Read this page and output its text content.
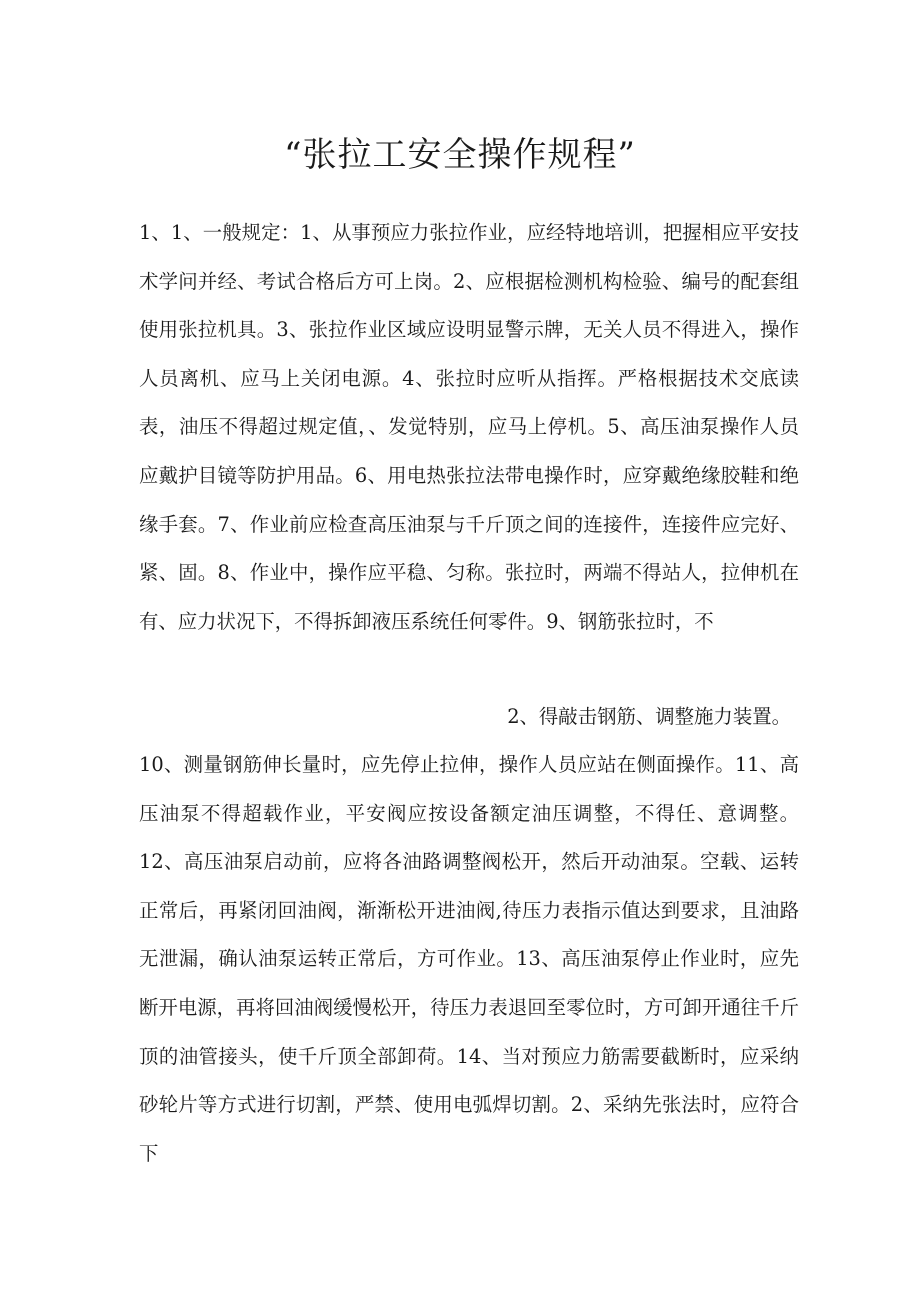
“张拉工安全操作规程”

1、1、一般规定：1、从事预应力张拉作业，应经特地培训，把握相应平安技术学问并经、考试合格后方可上岗。2、应根据检测机构检验、编号的配套组使用张拉机具。3、张拉作业区域应设明显警示牌，无关人员不得进入，操作人员离机、应马上关闭电源。4、张拉时应听从指挥。严格根据技术交底读表，油压不得超过规定值，、发觉特别，应马上停机。5、高压油泵操作人员应戴护目镜等防护用品。6、用电热张拉法带电操作时，应穿戴绝缘胶鞋和绝缘手套。7、作业前应检查高压油泵与千斤顶之间的连接件，连接件应完好、紧、固。8、作业中，操作应平稳、匀称。张拉时，两端不得站人，拉伸机在有、应力状况下，不得拆卸液压系统任何零件。9、钢筋张拉时，不

2、得敲击钢筋、调整施力装置。

10、测量钢筋伸长量时，应先停止拉伸，操作人员应站在侧面操作。11、高压油泵不得超载作业，平安阀应按设备额定油压调整，不得任、意调整。12、高压油泵启动前，应将各油路调整阀松开，然后开动油泵。空载、运转正常后，再紧闭回油阀，渐渐松开进油阀,待压力表指示值达到要求，且油路无泄漏，确认油泵运转正常后，方可作业。13、高压油泵停止作业时，应先断开电源，再将回油阀缓慢松开，待压力表退回至零位时，方可卸开通往千斤顶的油管接头，使千斤顶全部卸荷。14、当对预应力筋需要截断时，应采纳砂轮片等方式进行切割，严禁、使用电弧焊切割。2、采纳先张法时，应符合下
